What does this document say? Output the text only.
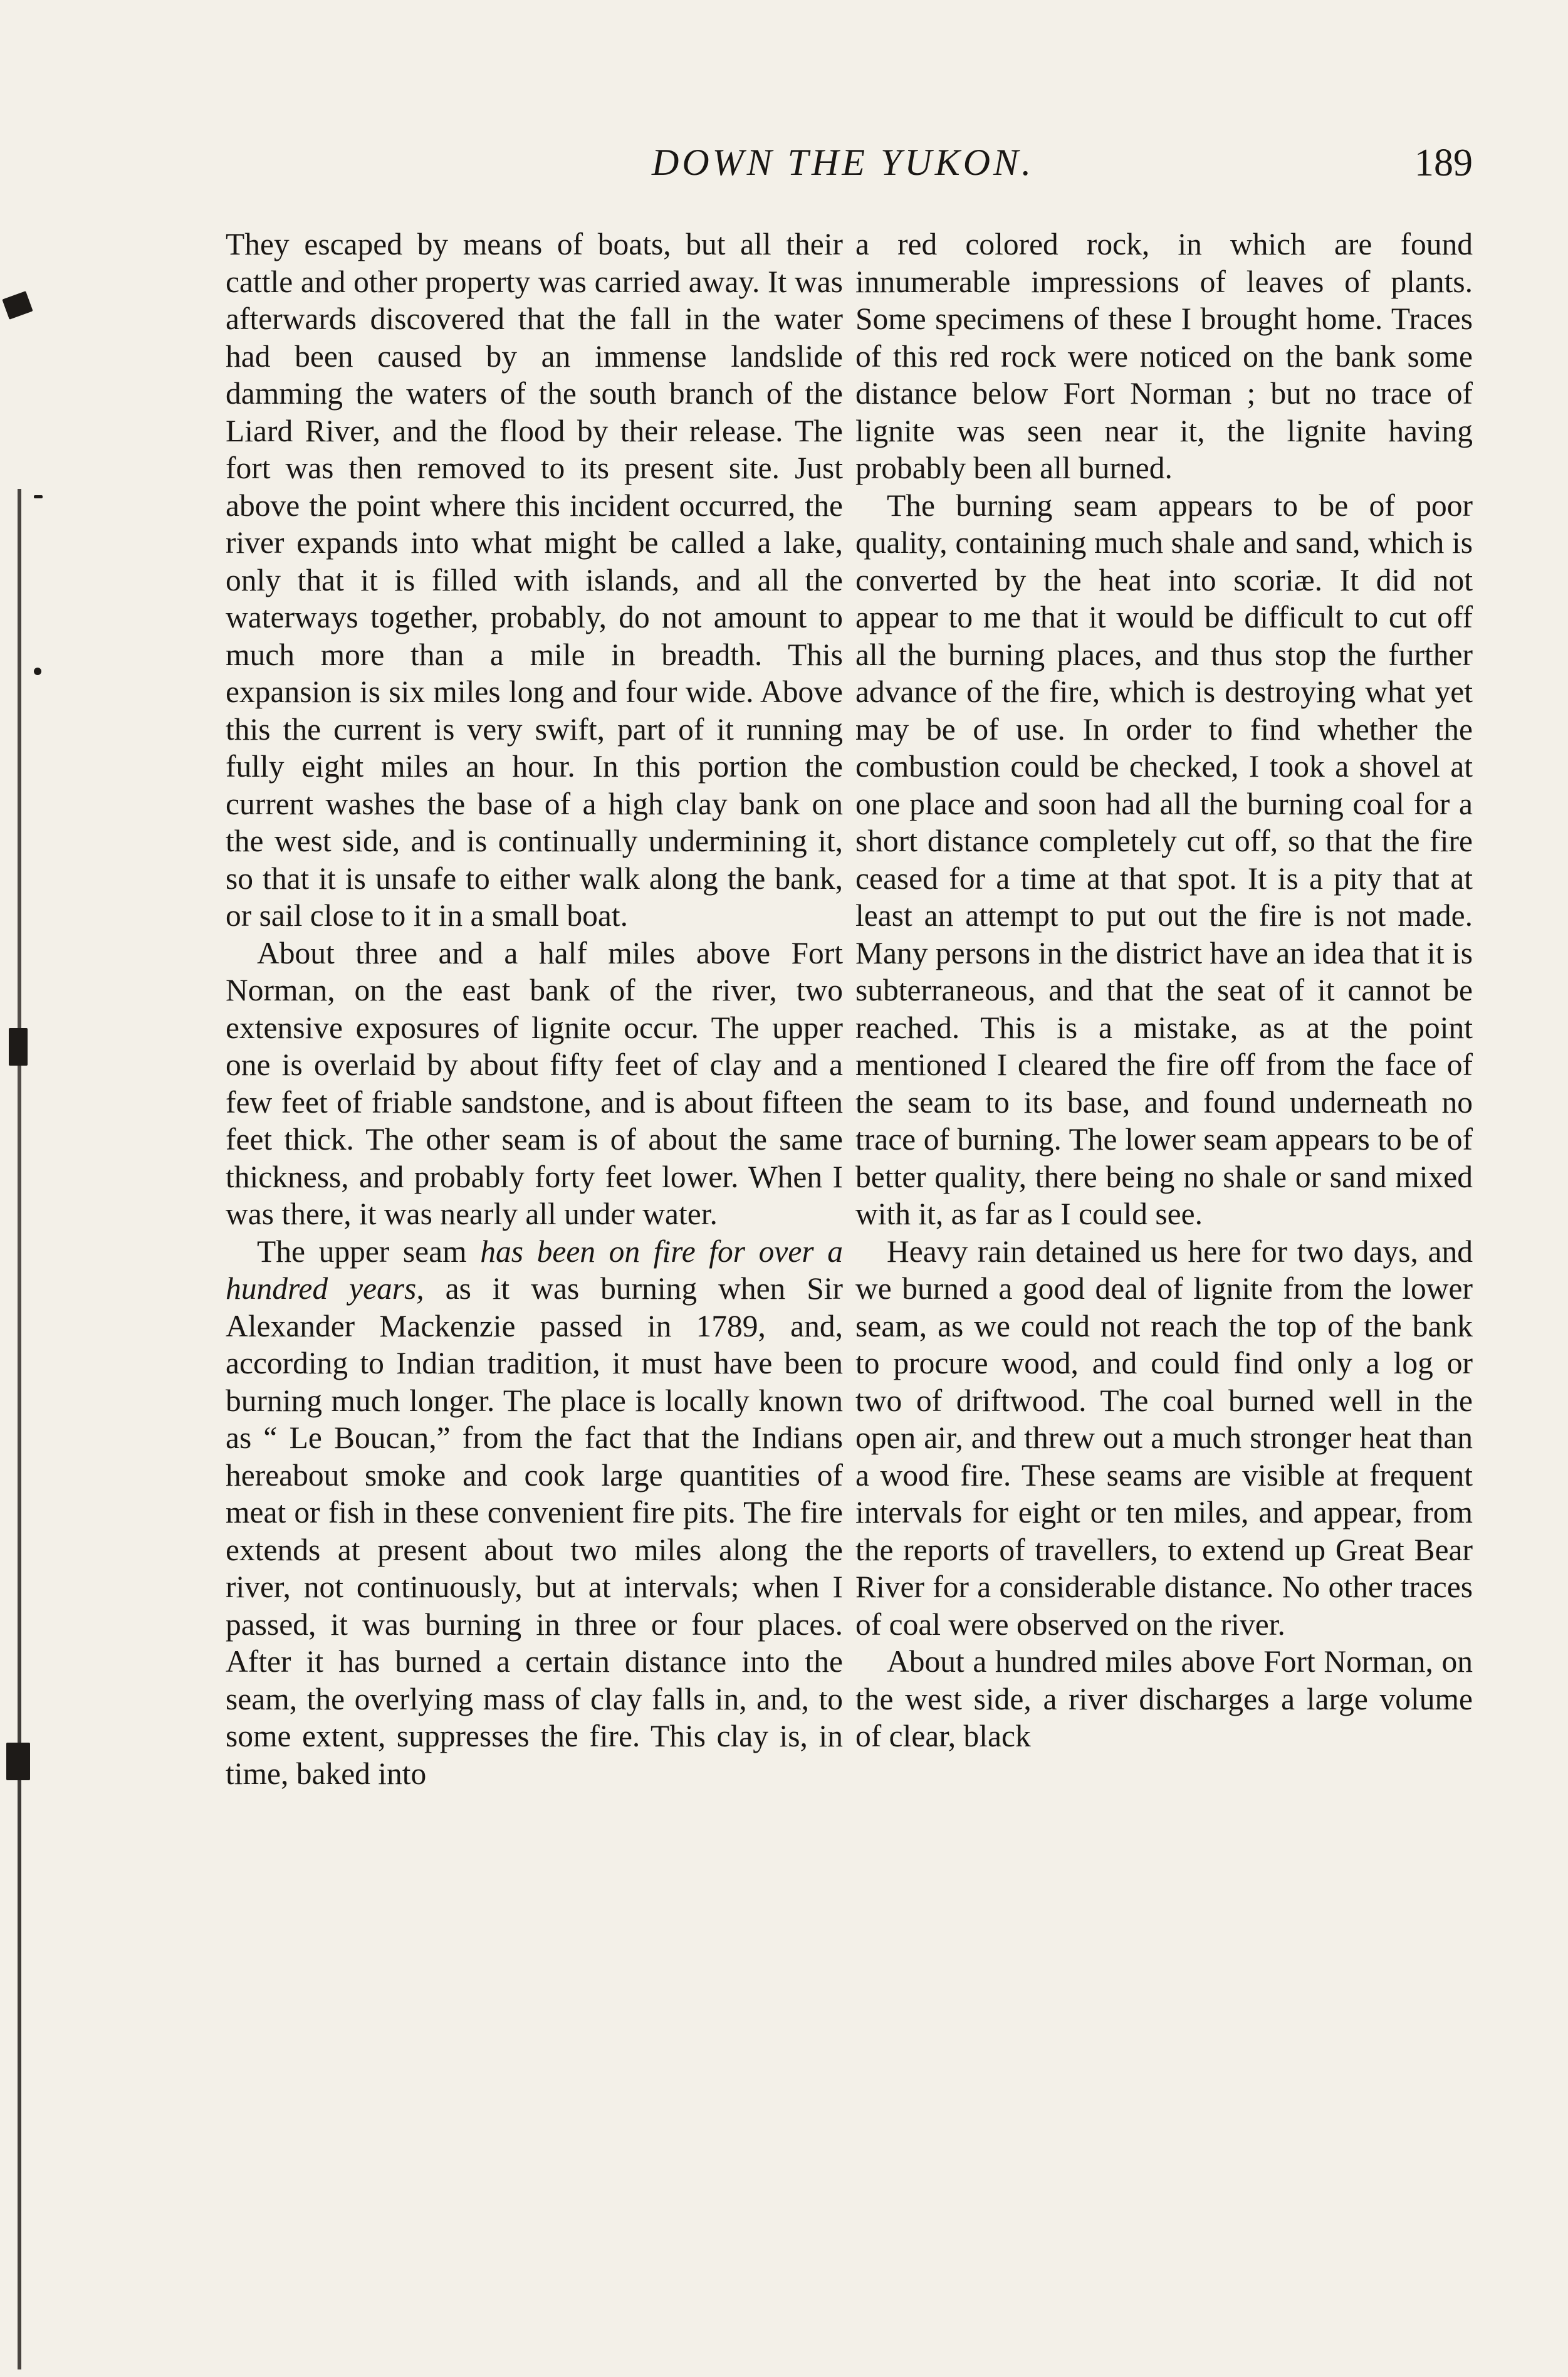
DOWN THE YUKON.	189

They escaped by means of boats, but all their cattle and other property was carried away. It was afterwards discovered that the fall in the water had been caused by an immense landslide damming the waters of the south branch of the Liard River, and the flood by their release. The fort was then removed to its present site. Just above the point where this incident occurred, the river expands into what might be called a lake, only that it is filled with islands, and all the waterways together, probably, do not amount to much more than a mile in breadth. This expansion is six miles long and four wide. Above this the current is very swift, part of it running fully eight miles an hour. In this portion the current washes the base of a high clay bank on the west side, and is continually undermining it, so that it is unsafe to either walk along the bank, or sail close to it in a small boat.

About three and a half miles above Fort Norman, on the east bank of the river, two extensive exposures of lignite occur. The upper one is overlaid by about fifty feet of clay and a few feet of friable sandstone, and is about fifteen feet thick. The other seam is of about the same thickness, and probably forty feet lower. When I was there, it was nearly all under water.

The upper seam has been on fire for over a hundred years, as it was burning when Sir Alexander Mackenzie passed in 1789, and, according to Indian tradition, it must have been burning much longer. The place is locally known as “ Le Boucan,” from the fact that the Indians hereabout smoke and cook large quantities of meat or fish in these convenient fire pits. The fire extends at present about two miles along the river, not continuously, but at intervals; when I passed, it was burning in three or four places. After it has burned a certain distance into the seam, the overlying mass of clay falls in, and, to some extent, suppresses the fire. This clay is, in time, baked into

a red colored rock, in which are found innumerable impressions of leaves of plants. Some specimens of these I brought home. Traces of this red rock were noticed on the bank some distance below Fort Norman ; but no trace of lignite was seen near it, the lignite having probably been all burned.

The burning seam appears to be of poor quality, containing much shale and sand, which is converted by the heat into scoriæ. It did not appear to me that it would be difficult to cut off all the burning places, and thus stop the further advance of the fire, which is destroying what yet may be of use. In order to find whether the combustion could be checked, I took a shovel at one place and soon had all the burning coal for a short distance completely cut off, so that the fire ceased for a time at that spot. It is a pity that at least an attempt to put out the fire is not made. Many persons in the district have an idea that it is subterraneous, and that the seat of it cannot be reached. This is a mistake, as at the point mentioned I cleared the fire off from the face of the seam to its base, and found underneath no trace of burning. The lower seam appears to be of better quality, there being no shale or sand mixed with it, as far as I could see.

Heavy rain detained us here for two days, and we burned a good deal of lignite from the lower seam, as we could not reach the top of the bank to procure wood, and could find only a log or two of driftwood. The coal burned well in the open air, and threw out a much stronger heat than a wood fire. These seams are visible at frequent intervals for eight or ten miles, and appear, from the reports of travellers, to extend up Great Bear River for a considerable distance. No other traces of coal were observed on the river.

About a hundred miles above Fort Norman, on the west side, a river discharges a large volume of clear, black
